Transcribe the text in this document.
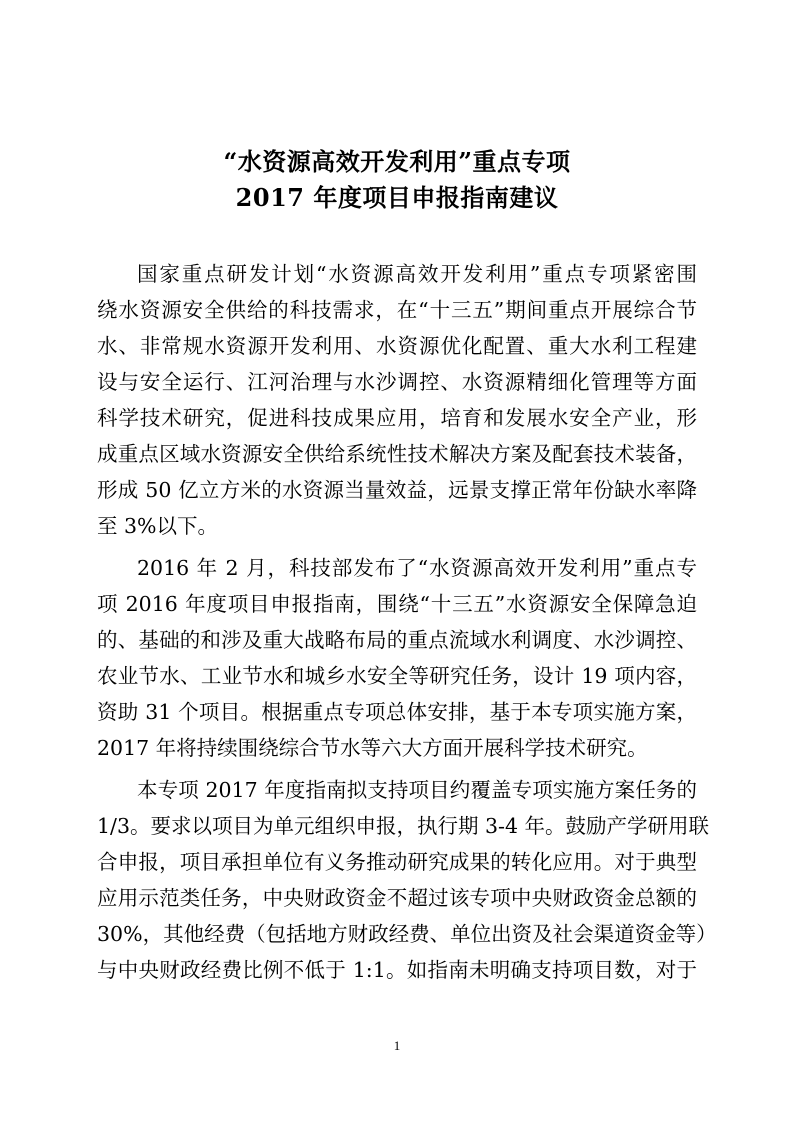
“水资源高效开发利用”重点专项
2017 年度项目申报指南建议
国家重点研发计划“水资源高效开发利用”重点专项紧密围
绕水资源安全供给的科技需求，在“十三五”期间重点开展综合节
水、非常规水资源开发利用、水资源优化配置、重大水利工程建
设与安全运行、江河治理与水沙调控、水资源精细化管理等方面
科学技术研究，促进科技成果应用，培育和发展水安全产业，形
成重点区域水资源安全供给系统性技术解决方案及配套技术装备，
形成 50 亿立方米的水资源当量效益，远景支撑正常年份缺水率降
至 3%以下。
2016 年 2 月，科技部发布了“水资源高效开发利用”重点专
项 2016 年度项目申报指南，围绕“十三五”水资源安全保障急迫
的、基础的和涉及重大战略布局的重点流域水利调度、水沙调控、
农业节水、工业节水和城乡水安全等研究任务，设计 19 项内容，
资助 31 个项目。根据重点专项总体安排，基于本专项实施方案，
2017 年将持续围绕综合节水等六大方面开展科学技术研究。
本专项 2017 年度指南拟支持项目约覆盖专项实施方案任务的
1/3。要求以项目为单元组织申报，执行期 3-4 年。鼓励产学研用联
合申报，项目承担单位有义务推动研究成果的转化应用。对于典型
应用示范类任务，中央财政资金不超过该专项中央财政资金总额的
30%，其他经费（包括地方财政经费、单位出资及社会渠道资金等）
与中央财政经费比例不低于 1:1。如指南未明确支持项目数，对于
1
